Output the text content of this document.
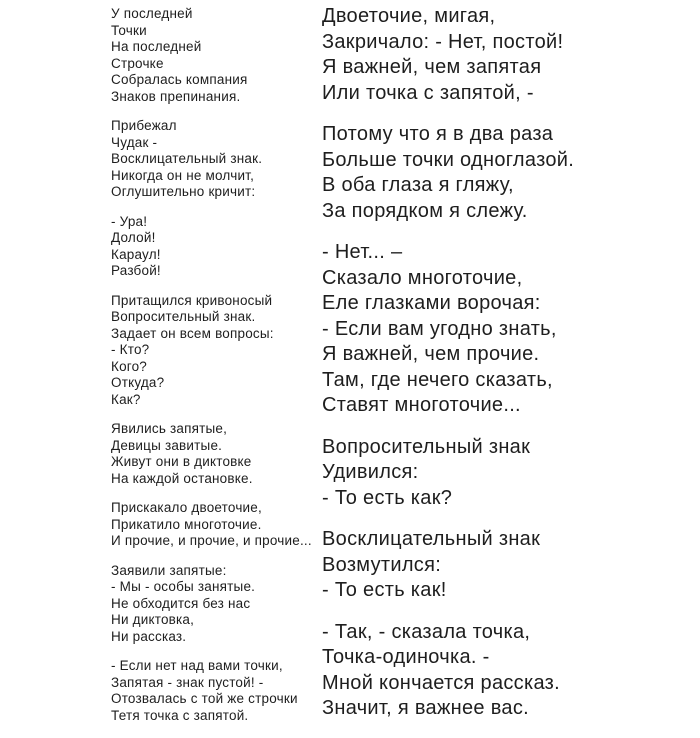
У последней
Точки
На последней
Строчке
Собралась компания
Знаков препинания.

Прибежал
Чудак -
Восклицательный знак.
Никогда он не молчит,
Оглушительно кричит:

- Ура!
Долой!
Караул!
Разбой!

Притащился кривоносый
Вопросительный знак.
Задает он всем вопросы:
- Кто?
Кого?
Откуда?
Как?

Явились запятые,
Девицы завитые.
Живут они в диктовке
На каждой остановке.

Прискакало двоеточие,
Прикатило многоточие.
И прочие, и прочие, и прочие...

Заявили запятые:
- Мы - особы занятые.
Не обходится без нас
Ни диктовка,
Ни рассказ.

- Если нет над вами точки,
Запятая - знак пустой! -
Отозвалась с той же строчки
Тетя точка с запятой.

Двоеточие, мигая,
Закричало: - Нет, постой!
Я важней, чем запятая
Или точка с запятой, -

Потому что я в два раза
Больше точки одноглазой.
В оба глаза я гляжу,
За порядком я слежу.

- Нет... –
Сказало многоточие,
Еле глазками ворочая:
- Если вам угодно знать,
Я важней, чем прочие.
Там, где нечего сказать,
Ставят многоточие...

Вопросительный знак
Удивился:
- То есть как?

Восклицательный знак
Возмутился:
- То есть как!

- Так, - сказала точка,
Точка-одиночка. -
Мной кончается рассказ.
Значит, я важнее вас.
